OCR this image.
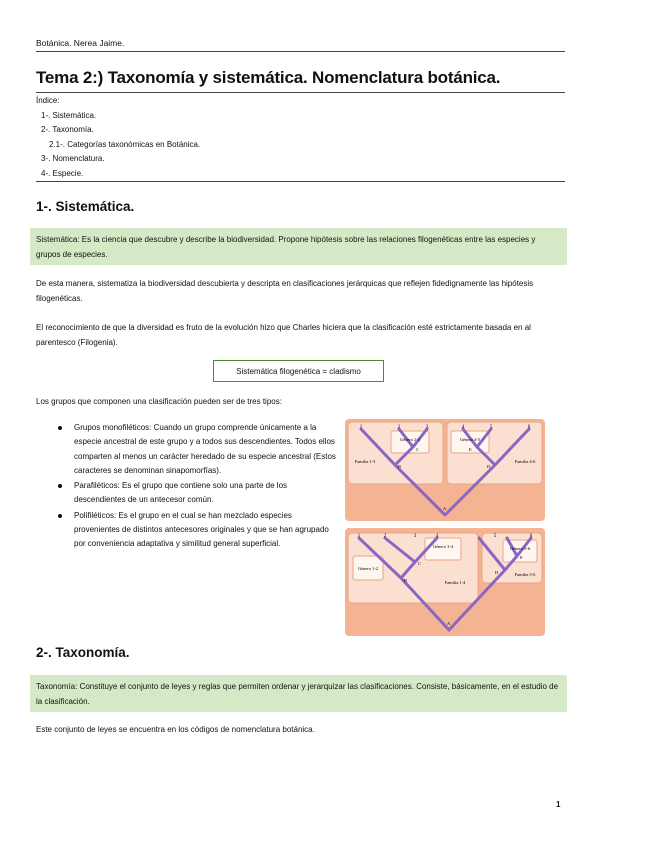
Botánica. Nerea Jaime.
Tema 2:) Taxonomía y sistemática. Nomenclatura botánica.
Índice:
1-. Sistemática.
2-. Taxonomía.
2.1-. Categorías taxonómicas en Botánica.
3-. Nomenclatura.
4-. Especie.
1-. Sistemática.
Sistemática: Es la ciencia que descubre y describe la biodiversidad. Propone hipótesis sobre las relaciones filogenéticas entre las especies y grupos de especies.
De esta manera, sistematiza la biodiversidad descubierta y descripta en clasificaciones jerárquicas que reflejen fidedignamente las hipótesis filogenéticas.
El reconocimiento de que la diversidad es fruto de la evolución hizo que Charles hiciera que la clasificación esté estrictamente basada en al parentesco (Filogenia).
Sistemática filogenética = cladismo
Los grupos que componen una clasificación pueden ser de tres tipos:
Grupos monofiléticos: Cuando un grupo comprende únicamente a la especie ancestral de este grupo y a todos sus descendientes. Todos ellos comparten al menos un carácter heredado de su especie ancestral (Estos caracteres se denominan sinapomorfías).
Parafiléticos: Es el grupo que contiene solo una parte de los descendientes de un antecesor común.
Polifiléticos: Es el grupo en el cual se han mezclado especies provenientes de distintos antecesores originales y que se han agrupado por conveniencia adaptativa y similitud general superficial.
1	2	3	4	5	6
Género 2-3	Género 4-5
Familia 1-3	Familia 4-6
C
B
E
D
A
1	2	3	4	5	6
Género 3-4	Género 5-6
Género 1-2
Familia 1-4
Familia 5-6
C
B
E
D
A
2-. Taxonomía.
Taxonomía: Constituye el conjunto de leyes y reglas que permiten ordenar y jerarquizar las clasificaciones. Consiste, básicamente, en el estudio de la clasificación.
Este conjunto de leyes se encuentra en los códigos de nomenclatura botánica.
1
